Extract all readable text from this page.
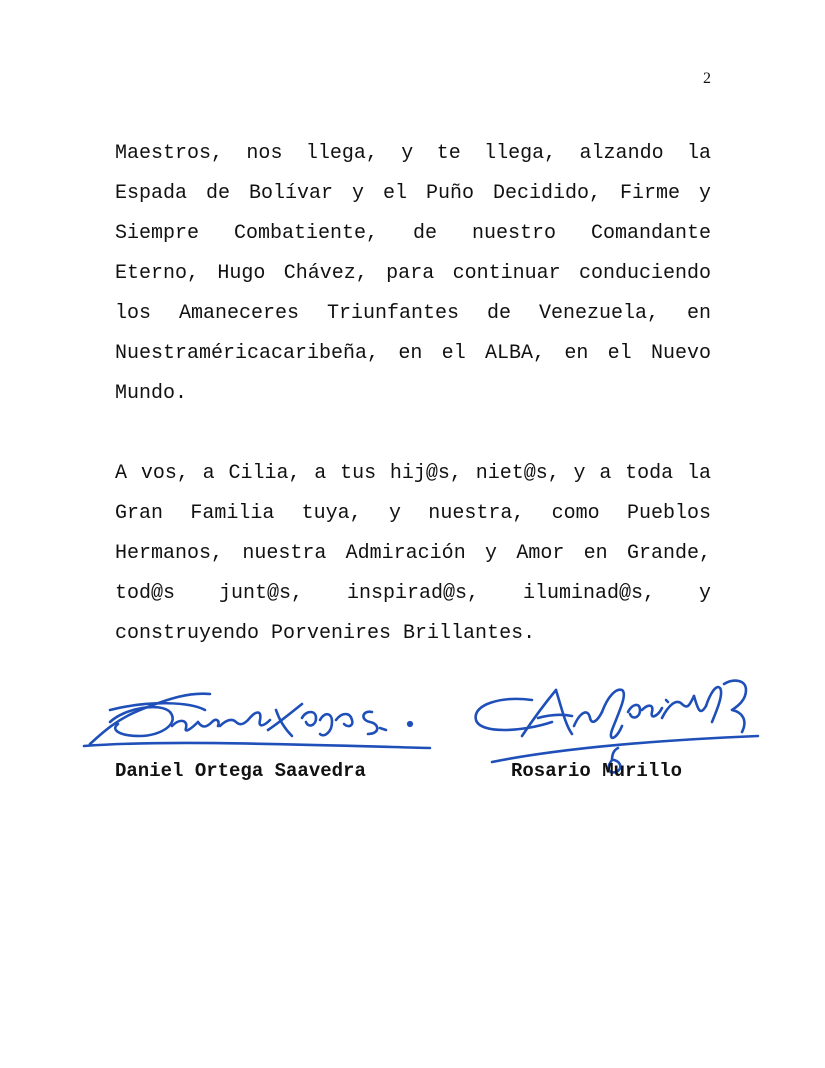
2
Maestros, nos llega, y te llega, alzando la
Espada de Bolívar y el Puño Decidido, Firme y
Siempre Combatiente, de nuestro Comandante
Eterno, Hugo Chávez, para continuar conduciendo
los Amaneceres Triunfantes de Venezuela, en
Nuestraméricacaribeña, en el ALBA, en el Nuevo
Mundo.
A vos, a Cilia, a tus hij@s, niet@s, y a toda la
Gran Familia tuya, y nuestra, como Pueblos
Hermanos, nuestra Admiración y Amor en Grande,
tod@s junt@s, inspirad@s, iluminad@s, y
construyendo Porvenires Brillantes.
Daniel Ortega Saavedra	Rosario Murillo
